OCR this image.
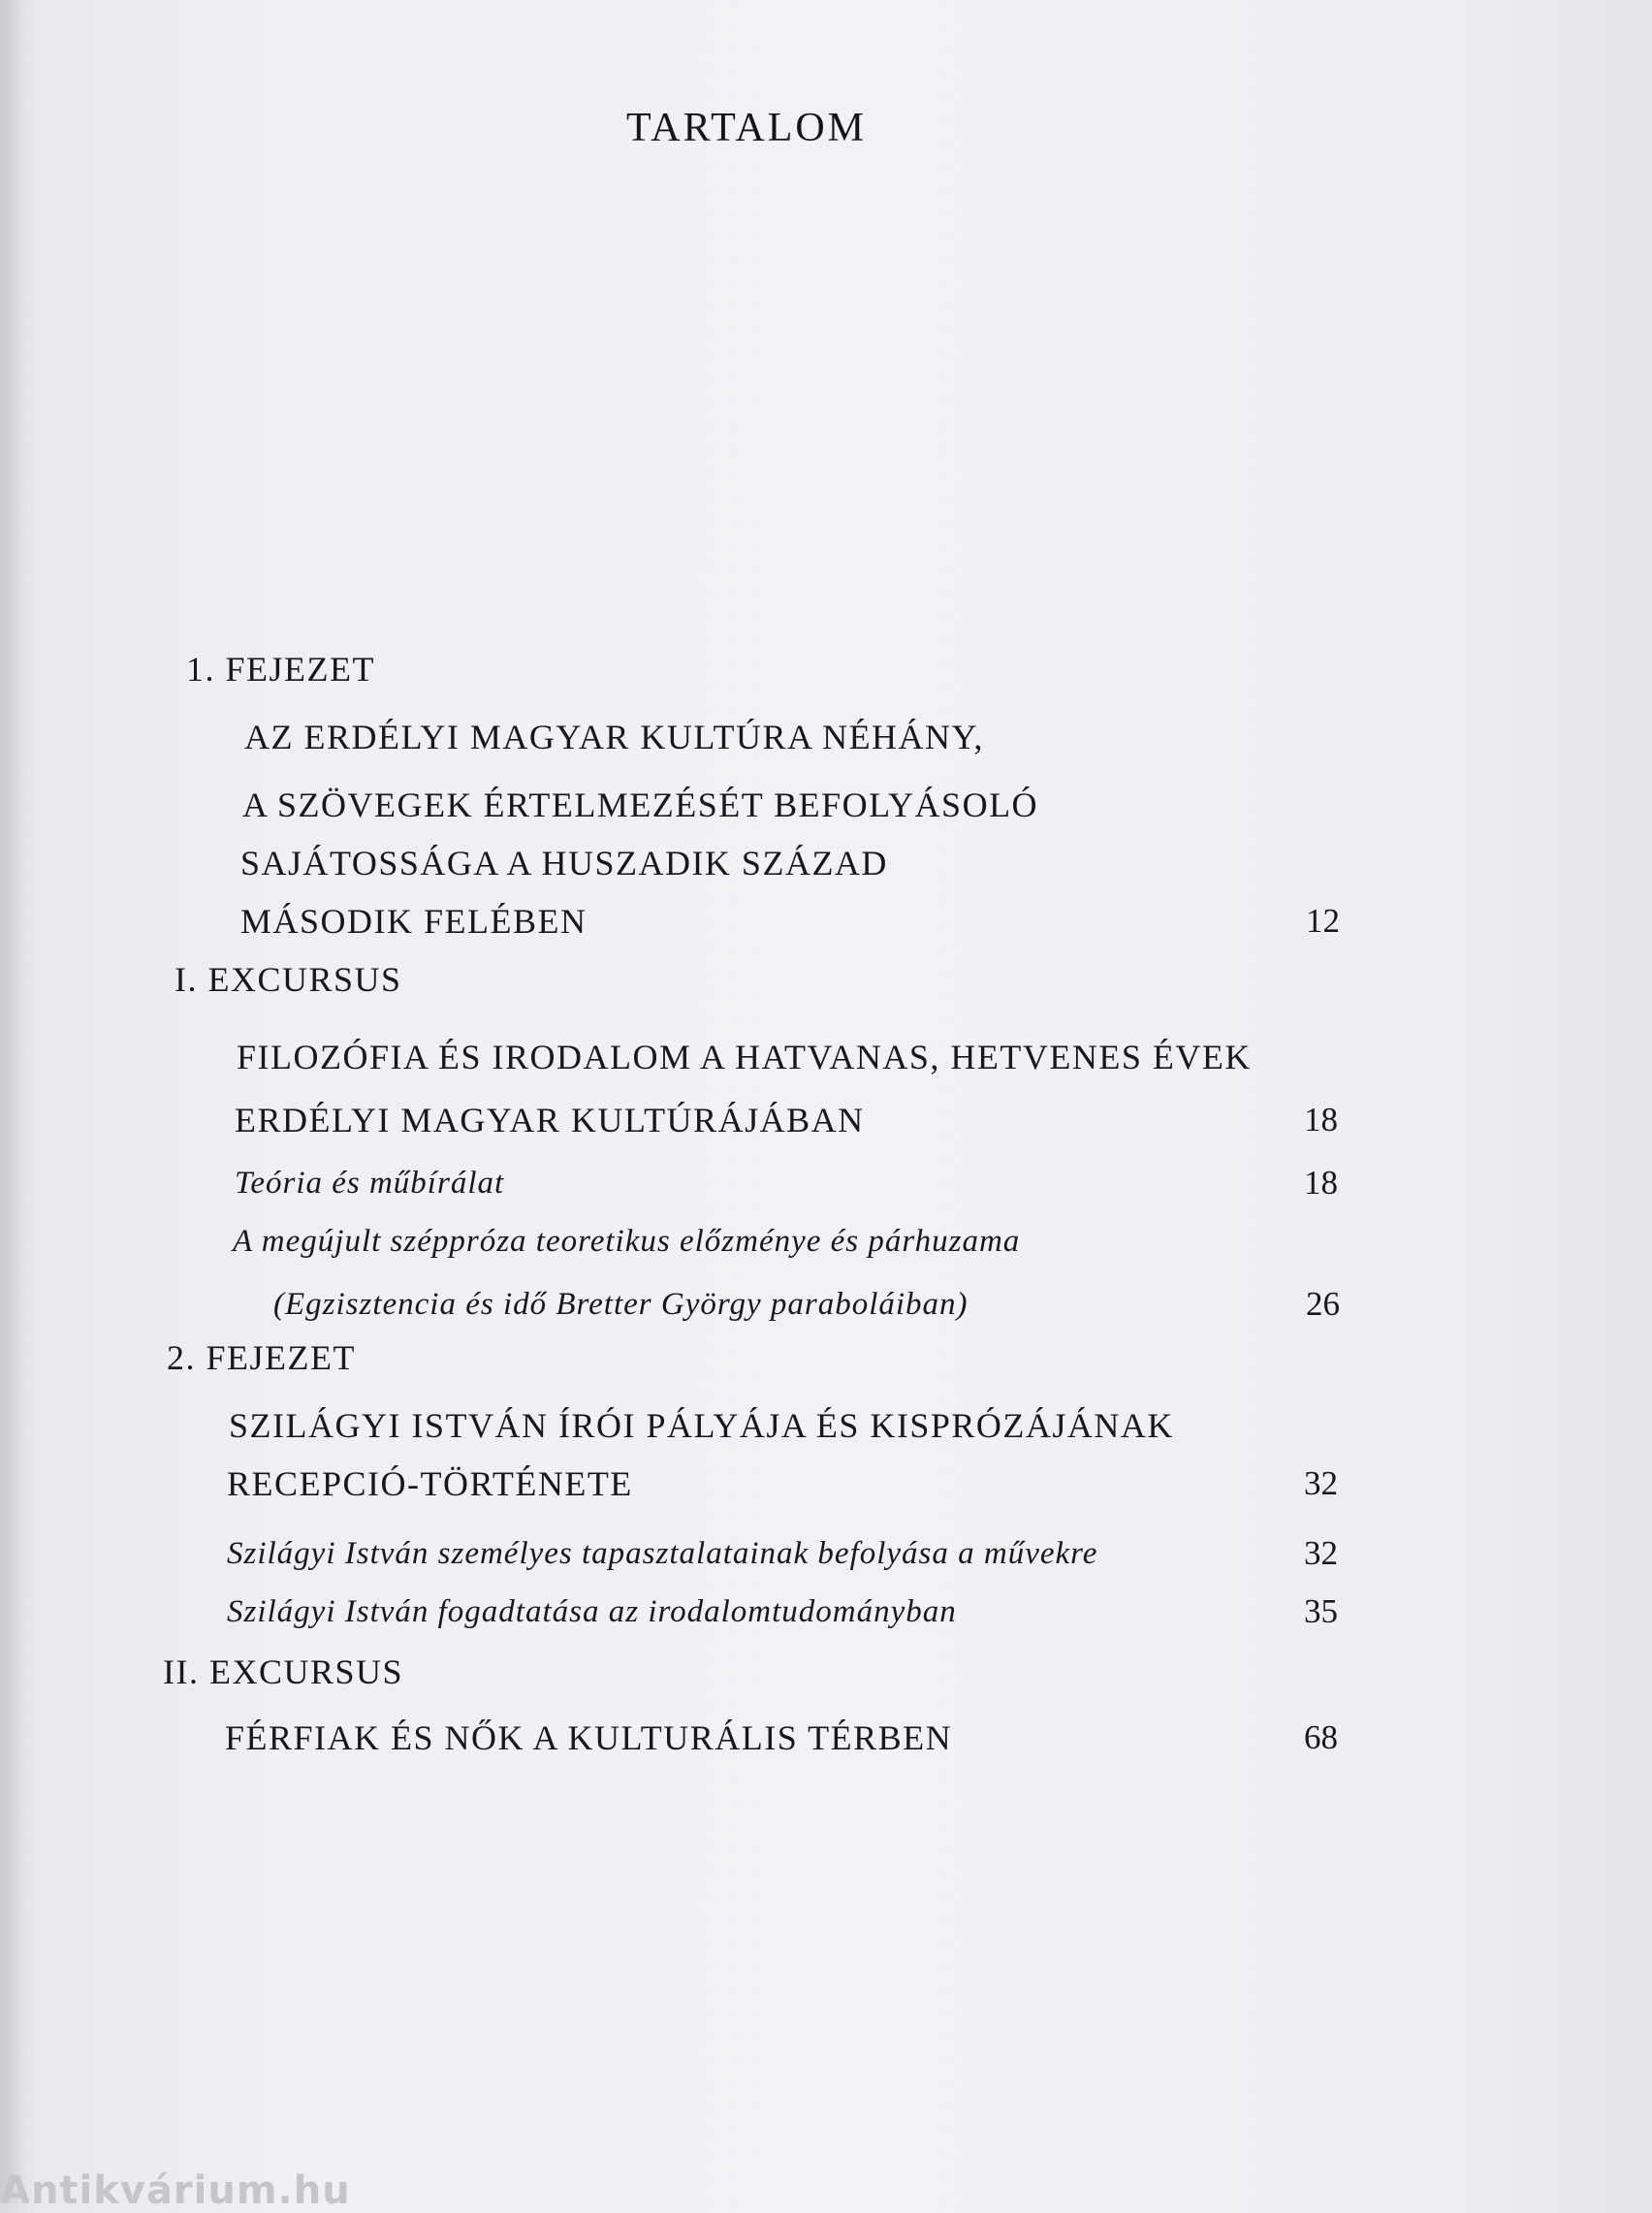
TARTALOM
1. FEJEZET
AZ ERDÉLYI MAGYAR KULTÚRA NÉHÁNY,
A SZÖVEGEK ÉRTELMEZÉSÉT BEFOLYÁSOLÓ
SAJÁTOSSÁGA A HUSZADIK SZÁZAD
MÁSODIK FELÉBEN	12
I. EXCURSUS
FILOZÓFIA ÉS IRODALOM A HATVANAS, HETVENES ÉVEK
ERDÉLYI MAGYAR KULTÚRÁJÁBAN	18
Teória és műbírálat	18
A megújult széppróza teoretikus előzménye és párhuzama
(Egzisztencia és idő Bretter György paraboláiban)	26
2. FEJEZET
SZILÁGYI ISTVÁN ÍRÓI PÁLYÁJA ÉS KISPRÓZÁJÁNAK
RECEPCIÓ-TÖRTÉNETE	32
Szilágyi István személyes tapasztalatainak befolyása a művekre	32
Szilágyi István fogadtatása az irodalomtudományban	35
II. EXCURSUS
FÉRFIAK ÉS NŐK A KULTURÁLIS TÉRBEN	68
Antikvárium.hu
